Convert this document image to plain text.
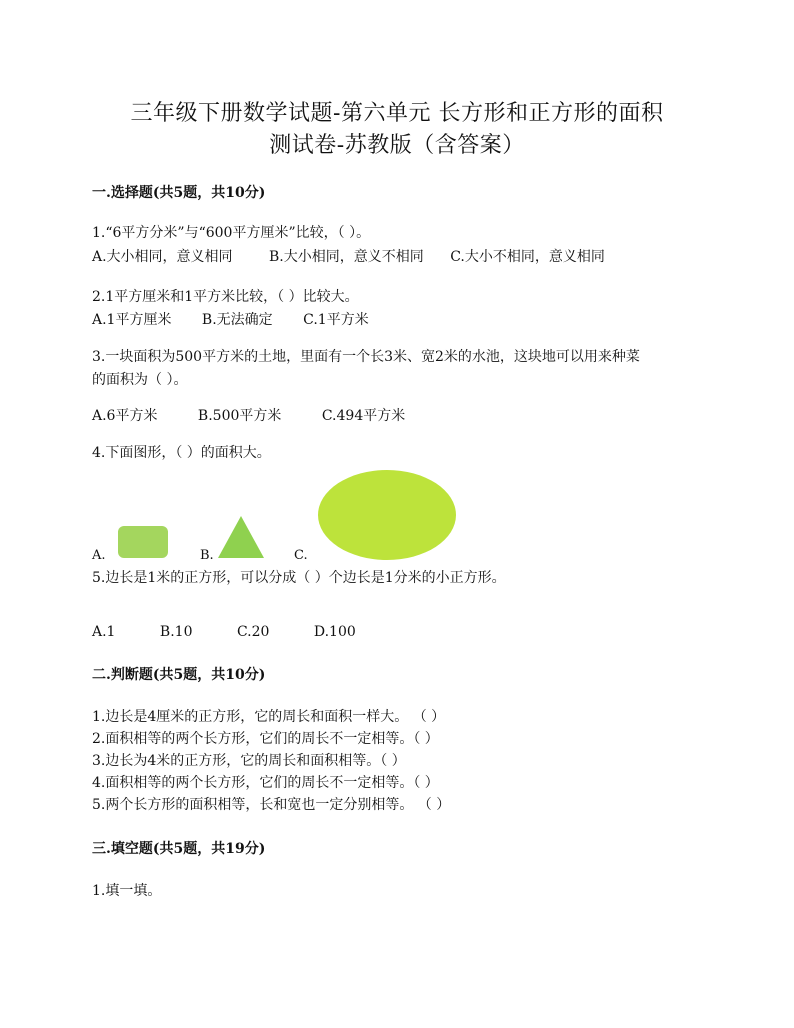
三年级下册数学试题-第六单元 长方形和正方形的面积
测试卷-苏教版（含答案）
一.选择题(共5题，共10分)
1.“6平方分米”与“600平方厘米”比较，（ ）。
A.大小相同，意义相同	B.大小相同，意义不相同 C.大小不相同，意义相同
2.1平方厘米和1平方米比较，（ ）比较大。
A.1平方厘米 B.无法确定 C.1平方米
3.一块面积为500平方米的土地，里面有一个长3米、宽2米的水池，这块地可以用来种菜
的面积为（ ）。
A.6平方米	B.500平方米	C.494平方米
4.下面图形，（ ）的面积大。
A.	B.	C.
5.边长是1米的正方形，可以分成（ ）个边长是1分米的小正方形。
A.1	B.10	C.20	D.100
二.判断题(共5题，共10分)
1.边长是4厘米的正方形，它的周长和面积一样大。 （ ）
2.面积相等的两个长方形，它们的周长不一定相等。（ ）
3.边长为4米的正方形，它的周长和面积相等。（ ）
4.面积相等的两个长方形，它们的周长不一定相等。（ ）
5.两个长方形的面积相等，长和宽也一定分别相等。 （ ）
三.填空题(共5题，共19分)
1.填一填。
